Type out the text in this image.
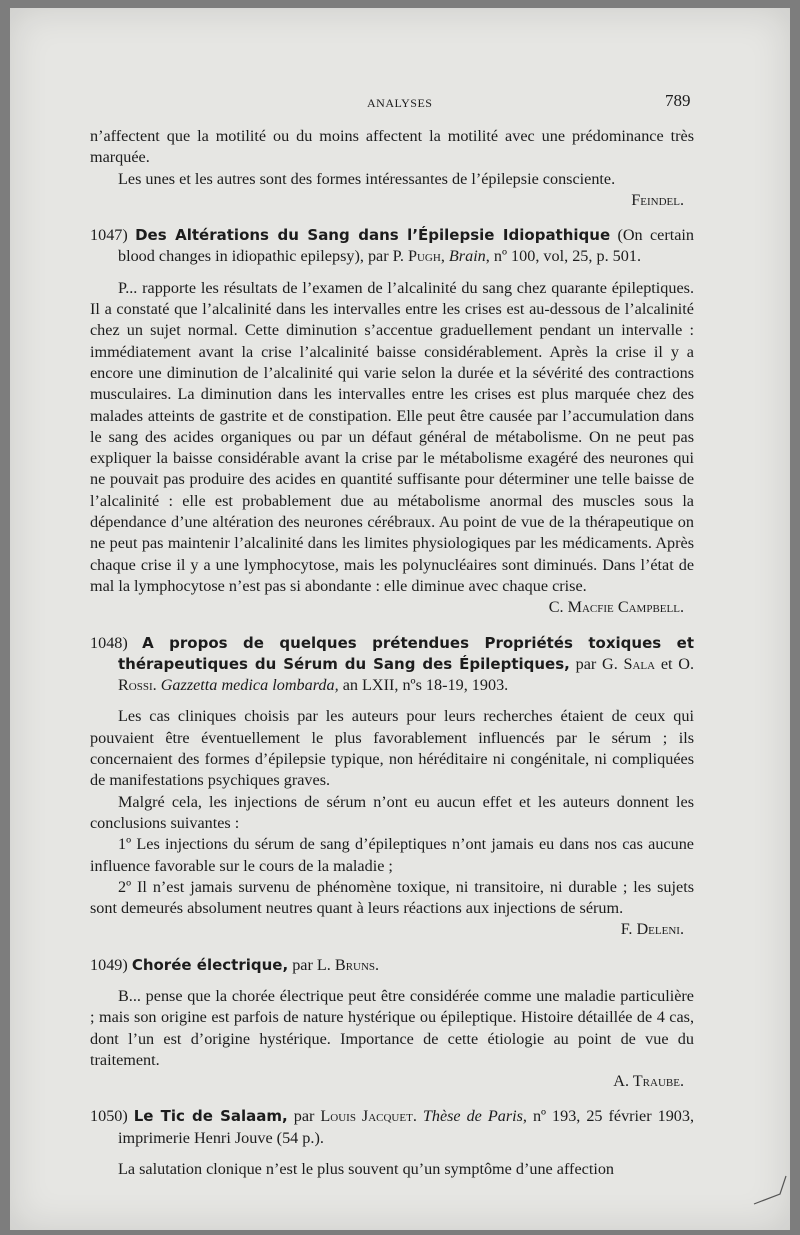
ANALYSES	789

n’affectent que la motilité ou du moins affectent la motilité avec une prédominance très marquée.

Les unes et les autres sont des formes intéressantes de l’épilepsie consciente.

Feindel.

1047) Des Altérations du Sang dans l’Épilepsie Idiopathique (On certain blood changes in idiopathic epilepsy), par P. Pugh, Brain, nº 100, vol, 25, p. 501.

P... rapporte les résultats de l’examen de l’alcalinité du sang chez quarante épileptiques. Il a constaté que l’alcalinité dans les intervalles entre les crises est au-dessous de l’alcalinité chez un sujet normal. Cette diminution s’accentue graduellement pendant un intervalle : immédiatement avant la crise l’alcalinité baisse considérablement. Après la crise il y a encore une diminution de l’alcalinité qui varie selon la durée et la sévérité des contractions musculaires. La diminution dans les intervalles entre les crises est plus marquée chez des malades atteints de gastrite et de constipation. Elle peut être causée par l’accumulation dans le sang des acides organiques ou par un défaut général de métabolisme. On ne peut pas expliquer la baisse considérable avant la crise par le métabolisme exagéré des neurones qui ne pouvait pas produire des acides en quantité suffisante pour déterminer une telle baisse de l’alcalinité : elle est probablement due au métabolisme anormal des muscles sous la dépendance d’une altération des neurones cérébraux. Au point de vue de la thérapeutique on ne peut pas maintenir l’alcalinité dans les limites physiologiques par les médicaments. Après chaque crise il y a une lymphocytose, mais les polynucléaires sont diminués. Dans l’état de mal la lymphocytose n’est pas si abondante : elle diminue avec chaque crise.

C. Macfie Campbell.

1048) A propos de quelques prétendues Propriétés toxiques et thérapeutiques du Sérum du Sang des Épileptiques, par G. Sala et O. Rossi. Gazzetta medica lombarda, an LXII, nºs 18-19, 1903.

Les cas cliniques choisis par les auteurs pour leurs recherches étaient de ceux qui pouvaient être éventuellement le plus favorablement influencés par le sérum ; ils concernaient des formes d’épilepsie typique, non héréditaire ni congénitale, ni compliquées de manifestations psychiques graves.

Malgré cela, les injections de sérum n’ont eu aucun effet et les auteurs donnent les conclusions suivantes :

1º Les injections du sérum de sang d’épileptiques n’ont jamais eu dans nos cas aucune influence favorable sur le cours de la maladie ;

2º Il n’est jamais survenu de phénomène toxique, ni transitoire, ni durable ; les sujets sont demeurés absolument neutres quant à leurs réactions aux injections de sérum.

F. Deleni.

1049) Chorée électrique, par L. Bruns.

B... pense que la chorée électrique peut être considérée comme une maladie particulière ; mais son origine est parfois de nature hystérique ou épileptique. Histoire détaillée de 4 cas, dont l’un est d’origine hystérique. Importance de cette étiologie au point de vue du traitement.

A. Traube.

1050) Le Tic de Salaam, par Louis Jacquet. Thèse de Paris, nº 193, 25 février 1903, imprimerie Henri Jouve (54 p.).

La salutation clonique n’est le plus souvent qu’un symptôme d’une affection
